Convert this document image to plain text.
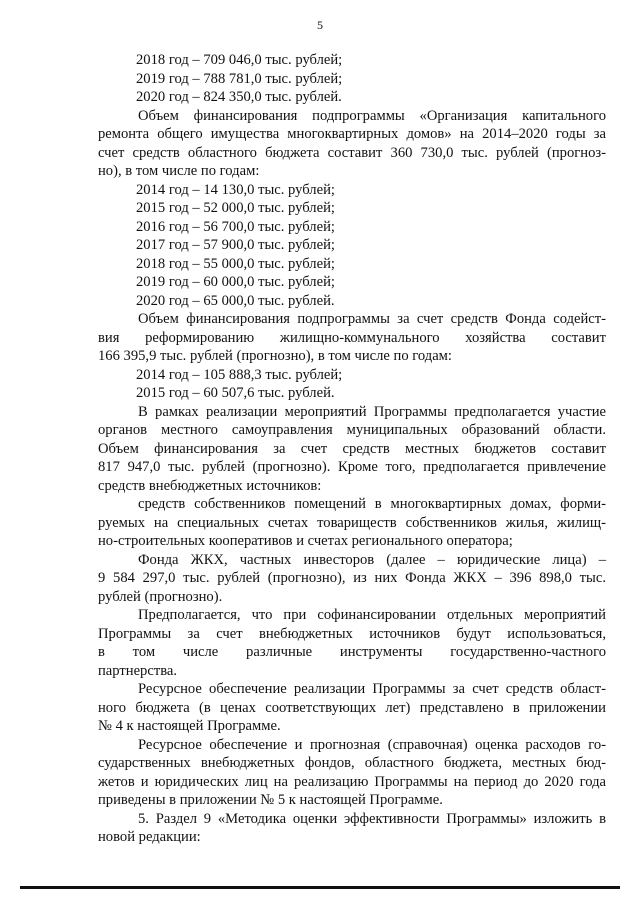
5
2018 год – 709 046,0 тыс. рублей;
2019 год – 788 781,0 тыс. рублей;
2020 год – 824 350,0 тыс. рублей.
Объем финансирования подпрограммы «Организация капитального
ремонта общего имущества многоквартирных домов» на 2014–2020 годы за
счет средств областного бюджета составит 360 730,0 тыс. рублей (прогноз-
но), в том числе по годам:
2014 год – 14 130,0 тыс. рублей;
2015 год – 52 000,0 тыс. рублей;
2016 год – 56 700,0 тыс. рублей;
2017 год – 57 900,0 тыс. рублей;
2018 год – 55 000,0 тыс. рублей;
2019 год – 60 000,0 тыс. рублей;
2020 год – 65 000,0 тыс. рублей.
Объем финансирования подпрограммы за счет средств Фонда содейст-
вия реформированию жилищно-коммунального хозяйства составит
166 395,9 тыс. рублей (прогнозно), в том числе по годам:
2014 год – 105 888,3 тыс. рублей;
2015 год – 60 507,6 тыс. рублей.
В рамках реализации мероприятий Программы предполагается участие
органов местного самоуправления муниципальных образований области.
Объем финансирования за счет средств местных бюджетов составит
817 947,0 тыс. рублей (прогнозно). Кроме того, предполагается привлечение
средств внебюджетных источников:
средств собственников помещений в многоквартирных домах, форми-
руемых на специальных счетах товариществ собственников жилья, жилищ-
но-строительных кооперативов и счетах регионального оператора;
Фонда ЖКХ, частных инвесторов (далее – юридические лица) –
9 584 297,0 тыс. рублей (прогнозно), из них Фонда ЖКХ – 396 898,0 тыс.
рублей (прогнозно).
Предполагается, что при софинансировании отдельных мероприятий
Программы за счет внебюджетных источников будут использоваться,
в том числе различные инструменты государственно-частного
партнерства.
Ресурсное обеспечение реализации Программы за счет средств област-
ного бюджета (в ценах соответствующих лет) представлено в приложении
№ 4 к настоящей Программе.
Ресурсное обеспечение и прогнозная (справочная) оценка расходов го-
сударственных внебюджетных фондов, областного бюджета, местных бюд-
жетов и юридических лиц на реализацию Программы на период до 2020 года
приведены в приложении № 5 к настоящей Программе.
5. Раздел 9 «Методика оценки эффективности Программы» изложить в
новой редакции:
